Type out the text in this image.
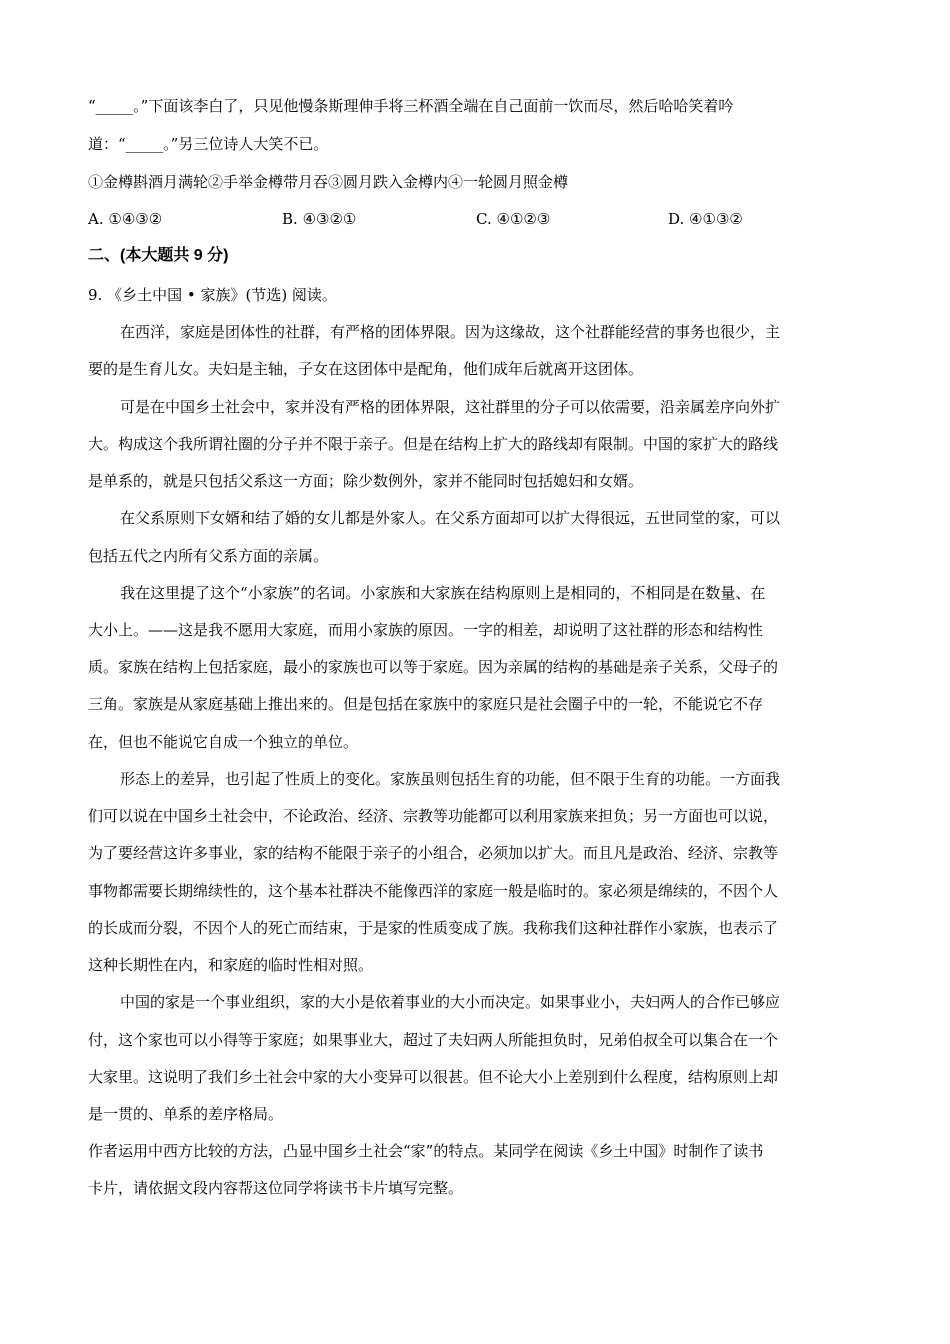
“_____。”下面该李白了，只见他慢条斯理伸手将三杯酒全端在自己面前一饮而尽，然后哈哈笑着吟
道：“_____。”另三位诗人大笑不已。
①金樽斟酒月满轮②手举金樽带月吞③圆月跌入金樽内④一轮圆月照金樽
A. ①④③②	B. ④③②①	C. ④①②③	D. ④①③②
二、(本大题共 9 分)
9. 《乡土中国 • 家族》(节选) 阅读。
在西洋，家庭是团体性的社群，有严格的团体界限。因为这缘故，这个社群能经营的事务也很少，主
要的是生育儿女。夫妇是主轴，子女在这团体中是配角，他们成年后就离开这团体。
可是在中国乡土社会中，家并没有严格的团体界限，这社群里的分子可以依需要，沿亲属差序向外扩
大。构成这个我所谓社圈的分子并不限于亲子。但是在结构上扩大的路线却有限制。中国的家扩大的路线
是单系的，就是只包括父系这一方面；除少数例外，家并不能同时包括媳妇和女婿。
在父系原则下女婿和结了婚的女儿都是外家人。在父系方面却可以扩大得很远，五世同堂的家，可以
包括五代之内所有父系方面的亲属。
我在这里提了这个“小家族”的名词。小家族和大家族在结构原则上是相同的，不相同是在数量、在
大小上。——这是我不愿用大家庭，而用小家族的原因。一字的相差，却说明了这社群的形态和结构性
质。家族在结构上包括家庭，最小的家族也可以等于家庭。因为亲属的结构的基础是亲子关系，父母子的
三角。家族是从家庭基础上推出来的。但是包括在家族中的家庭只是社会圈子中的一轮，不能说它不存
在，但也不能说它自成一个独立的单位。
形态上的差异，也引起了性质上的变化。家族虽则包括生育的功能，但不限于生育的功能。一方面我
们可以说在中国乡土社会中，不论政治、经济、宗教等功能都可以利用家族来担负；另一方面也可以说，
为了要经营这许多事业，家的结构不能限于亲子的小组合，必须加以扩大。而且凡是政治、经济、宗教等
事物都需要长期绵续性的，这个基本社群决不能像西洋的家庭一般是临时的。家必须是绵续的，不因个人
的长成而分裂，不因个人的死亡而结束，于是家的性质变成了族。我称我们这种社群作小家族，也表示了
这种长期性在内，和家庭的临时性相对照。
中国的家是一个事业组织，家的大小是依着事业的大小而决定。如果事业小，夫妇两人的合作已够应
付，这个家也可以小得等于家庭；如果事业大，超过了夫妇两人所能担负时，兄弟伯叔全可以集合在一个
大家里。这说明了我们乡土社会中家的大小变异可以很甚。但不论大小上差别到什么程度，结构原则上却
是一贯的、单系的差序格局。
作者运用中西方比较的方法，凸显中国乡土社会“家”的特点。某同学在阅读《乡土中国》时制作了读书
卡片，请依据文段内容帮这位同学将读书卡片填写完整。
